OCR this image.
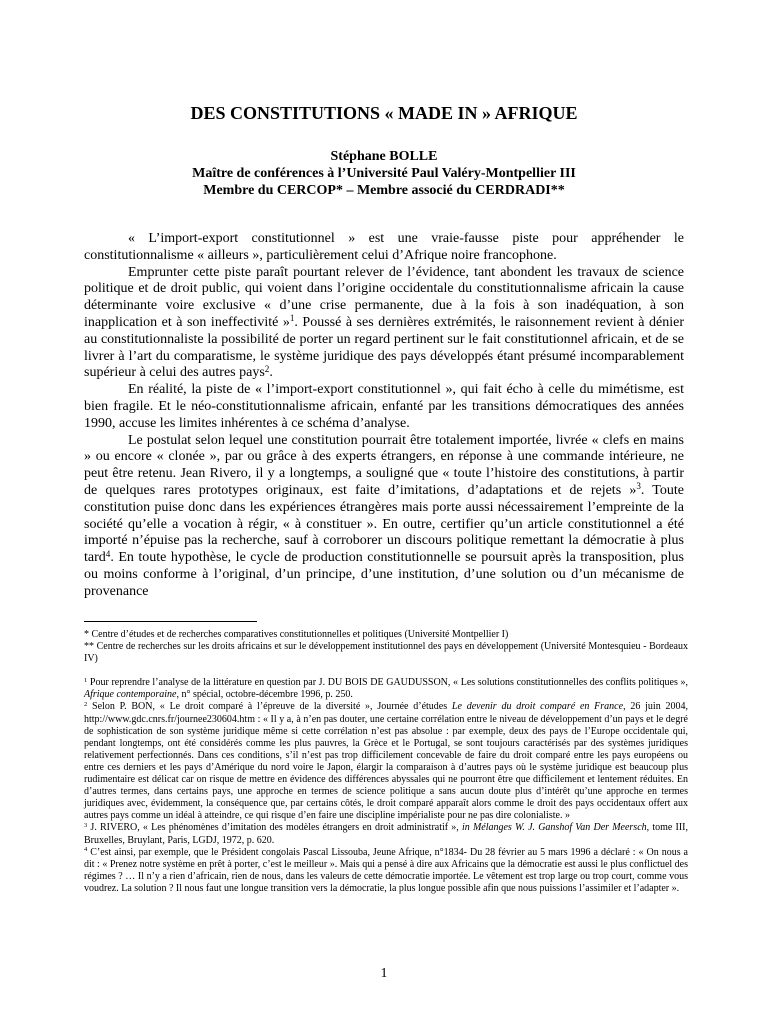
DES CONSTITUTIONS « MADE IN » AFRIQUE
Stéphane BOLLE
Maître de conférences à l’Université Paul Valéry-Montpellier III
Membre du CERCOP* – Membre associé du CERDRADI**

« L’import-export constitutionnel » est une vraie-fausse piste pour appréhender le constitutionnalisme « ailleurs », particulièrement celui d’Afrique noire francophone.

Emprunter cette piste paraît pourtant relever de l’évidence, tant abondent les travaux de science politique et de droit public, qui voient dans l’origine occidentale du constitutionnalisme africain la cause déterminante voire exclusive « d’une crise permanente, due à la fois à son inadéquation, à son inapplication et à son ineffectivité »$^1$. Poussé à ses dernières extrémités, le raisonnement revient à dénier au constitutionnaliste la possibilité de porter un regard pertinent sur le fait constitutionnel africain, et de se livrer à l’art du comparatisme, le système juridique des pays développés étant présumé incomparablement supérieur à celui des autres pays$^2$.

En réalité, la piste de « l’import-export constitutionnel », qui fait écho à celle du mimétisme, est bien fragile. Et le néo-constitutionnalisme africain, enfanté par les transitions démocratiques des années 1990, accuse les limites inhérentes à ce schéma d’analyse.

Le postulat selon lequel une constitution pourrait être totalement importée, livrée « clefs en mains » ou encore « clonée », par ou grâce à des experts étrangers, en réponse à une commande intérieure, ne peut être retenu. Jean Rivero, il y a longtemps, a souligné que « toute l’histoire des constitutions, à partir de quelques rares prototypes originaux, est faite d’imitations, d’adaptations et de rejets »$^3$. Toute constitution puise donc dans les expériences étrangères mais porte aussi nécessairement l’empreinte de la société qu’elle a vocation à régir, « à constituer ». En outre, certifier qu’un article constitutionnel a été importé n’épuise pas la recherche, sauf à corroborer un discours politique remettant la démocratie à plus tard$^4$. En toute hypothèse, le cycle de production constitutionnelle se poursuit après la transposition, plus ou moins conforme à l’original, d’un principe, d’une institution, d’une solution ou d’un mécanisme de provenance

* Centre d’études et de recherches comparatives constitutionnelles et politiques (Université Montpellier I)

** Centre de recherches sur les droits africains et sur le développement institutionnel des pays en développement (Université Montesquieu - Bordeaux IV)

$^1$ Pour reprendre l’analyse de la littérature en question par J. DU BOIS DE GAUDUSSON, « Les solutions constitutionnelles des conflits politiques », Afrique contemporaine, n° spécial, octobre-décembre 1996, p. 250.

$^2$ Selon P. BON, « Le droit comparé à l’épreuve de la diversité », Journée d’études Le devenir du droit comparé en France, 26 juin 2004, http://www.gdc.cnrs.fr/journee230604.htm : « Il y a, à n’en pas douter, une certaine corrélation entre le niveau de développement d’un pays et le degré de sophistication de son système juridique même si cette corrélation n’est pas absolue : par exemple, deux des pays de l’Europe occidentale qui, pendant longtemps, ont été considérés comme les plus pauvres, la Grèce et le Portugal, se sont toujours caractérisés par des systèmes juridiques relativement perfectionnés. Dans ces conditions, s’il n’est pas trop difficilement concevable de faire du droit comparé entre les pays européens ou entre ces derniers et les pays d’Amérique du nord voire le Japon, élargir la comparaison à d’autres pays où le système juridique est beaucoup plus rudimentaire est délicat car on risque de mettre en évidence des différences abyssales qui ne pourront être que difficilement et lentement réduites. En d’autres termes, dans certains pays, une approche en termes de science politique a sans aucun doute plus d’intérêt qu’une approche en termes juridiques avec, évidemment, la conséquence que, par certains côtés, le droit comparé apparaît alors comme le droit des pays occidentaux offert aux autres pays comme un idéal à atteindre, ce qui risque d’en faire une discipline impérialiste pour ne pas dire colonialiste. »

$^3$ J. RIVERO, « Les phénomènes d’imitation des modèles étrangers en droit administratif », in Mélanges W. J. Ganshof Van Der Meersch, tome III, Bruxelles, Bruylant, Paris, LGDJ, 1972, p. 620.

$^4$ C’est ainsi, par exemple, que le Président congolais Pascal Lissouba, Jeune Afrique, n°1834- Du 28 février au 5 mars 1996 a déclaré : « On nous a dit : « Prenez notre système en prêt à porter, c’est le meilleur ». Mais qui a pensé à dire aux Africains que la démocratie est aussi le plus conflictuel des régimes ? … Il n’y a rien d’africain, rien de nous, dans les valeurs de cette démocratie importée. Le vêtement est trop large ou trop court, comme vous voudrez. La solution ? Il nous faut une longue transition vers la démocratie, la plus longue possible afin que nous puissions l’assimiler et l’adapter ».

1
